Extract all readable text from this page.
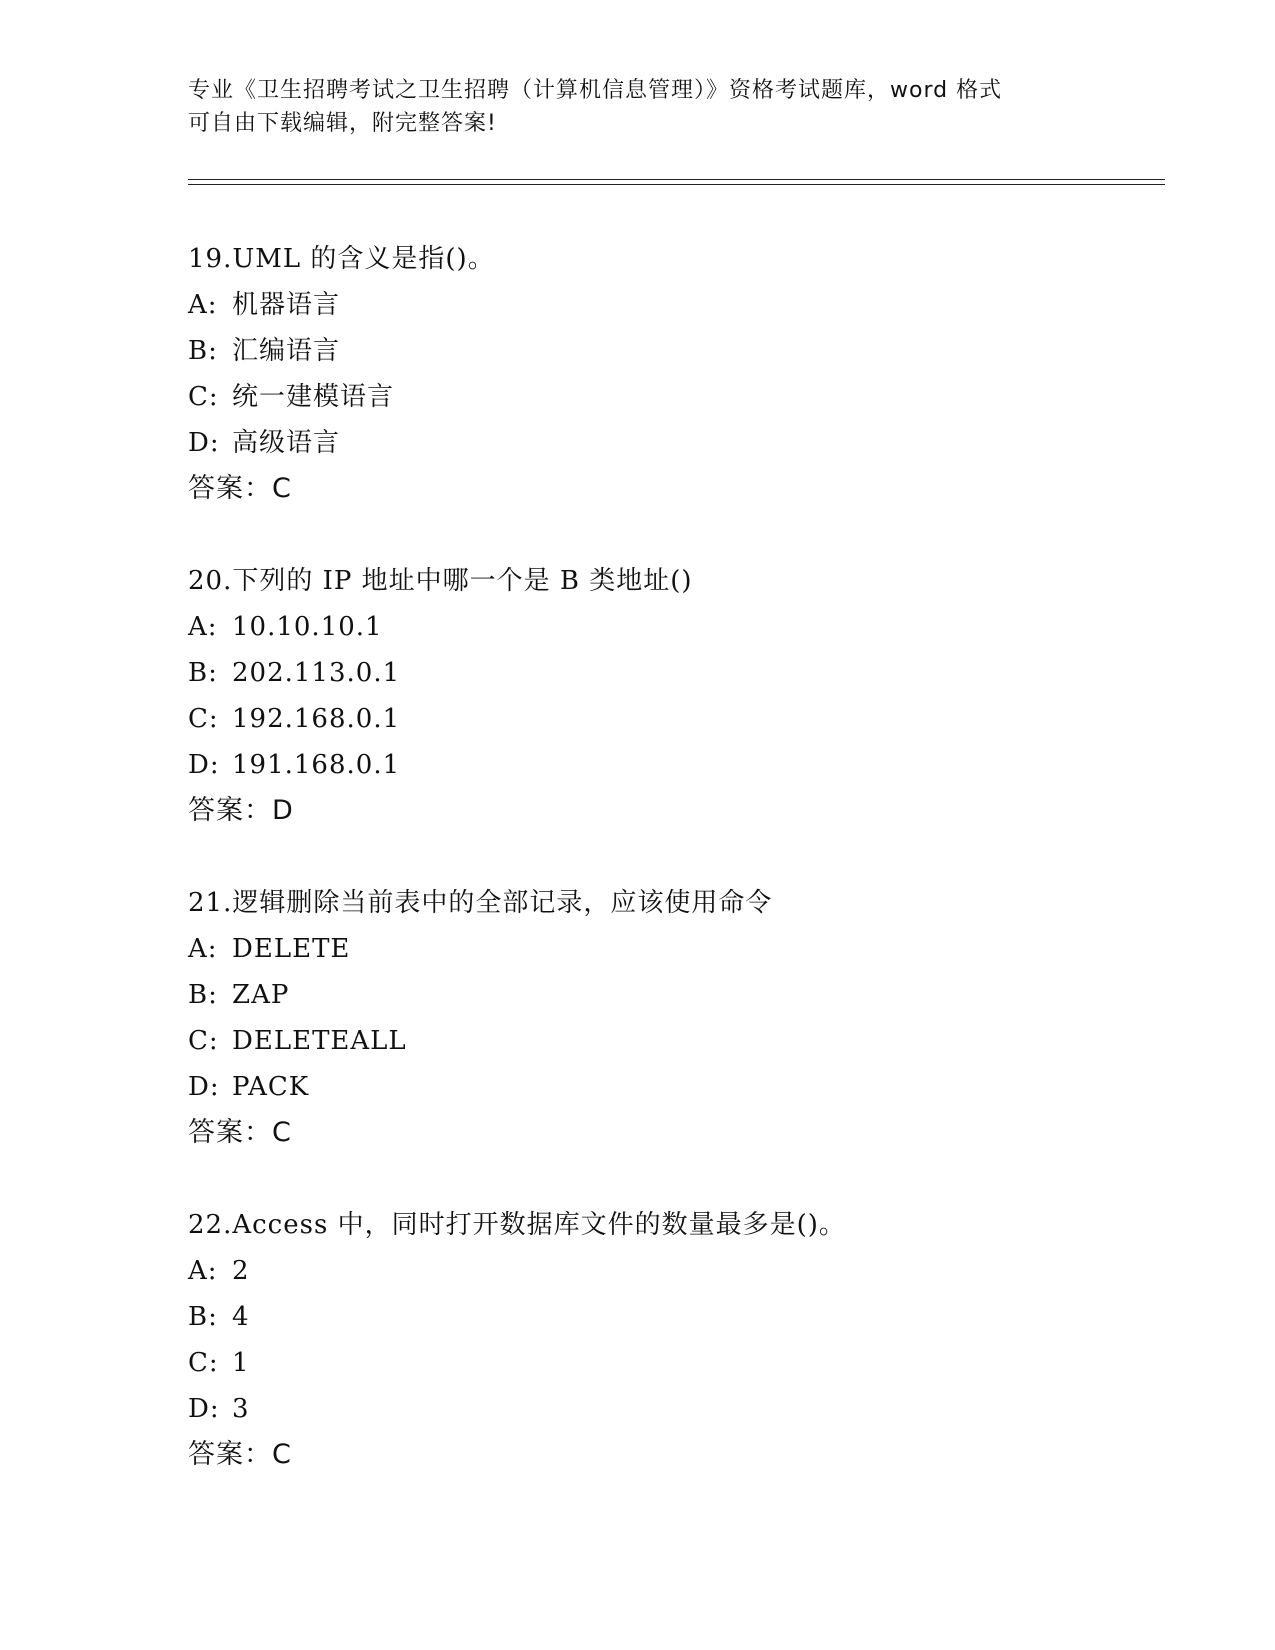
专业《卫生招聘考试之卫生招聘（计算机信息管理）》资格考试题库，word 格式
可自由下载编辑，附完整答案!
19.UML 的含义是指()。
A: 机器语言
B: 汇编语言
C: 统一建模语言
D: 高级语言
答案：C
20.下列的 IP 地址中哪一个是 B 类地址()
A: 10.10.10.1
B: 202.113.0.1
C: 192.168.0.1
D: 191.168.0.1
答案：D
21.逻辑删除当前表中的全部记录，应该使用命令
A: DELETE
B: ZAP
C: DELETEALL
D: PACK
答案：C
22.Access 中，同时打开数据库文件的数量最多是()。
A: 2
B: 4
C: 1
D: 3
答案：C
